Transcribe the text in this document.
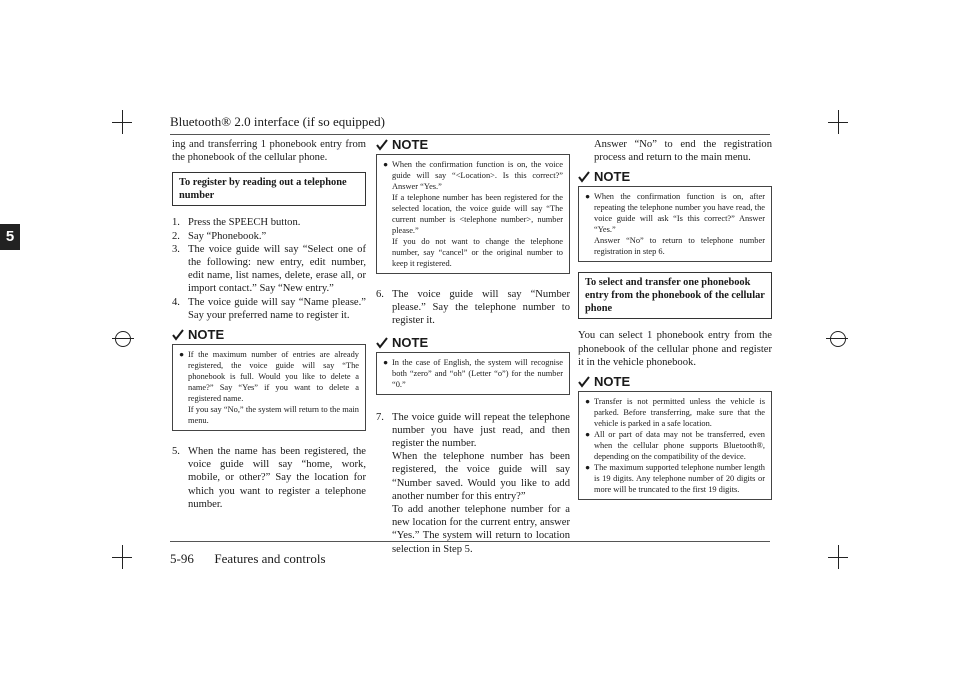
5
Bluetooth® 2.0 interface (if so equipped)

ing and transferring 1 phonebook entry from the phonebook of the cellular phone.

To register by reading out a telephone number
1. Press the SPEECH button.
2. Say “Phonebook.”
3. The voice guide will say “Select one of the following: new entry, edit number, edit name, list names, delete, erase all, or import contact.” Say “New entry.”
4. The voice guide will say “Name please.” Say your preferred name to register it.
NOTE
● If the maximum number of entries are already registered, the voice guide will say “The phonebook is full. Would you like to delete a name?” Say “Yes” if you want to delete a registered name.
If you say “No,” the system will return to the main menu.
5. When the name has been registered, the voice guide will say “home, work, mobile, or other?” Say the location for which you want to register a telephone number.
NOTE
● When the confirmation function is on, the voice guide will say “<Location>. Is this correct?” Answer “Yes.”
If a telephone number has been registered for the selected location, the voice guide will say “The current number is <telephone number>, number please.”
If you do not want to change the telephone number, say “cancel” or the original number to keep it registered.
6. The voice guide will say “Number please.” Say the telephone number to register it.
NOTE
● In the case of English, the system will recognise both “zero” and “oh” (Letter “o”) for the number “0.”
7. The voice guide will repeat the telephone number you have just read, and then register the number.
When the telephone number has been registered, the voice guide will say “Number saved. Would you like to add another number for this entry?”
To add another telephone number for a new location for the current entry, answer “Yes.” The system will return to location selection in Step 5.

Answer “No” to end the registration process and return to the main menu.

NOTE
● When the confirmation function is on, after repeating the telephone number you have read, the voice guide will ask “Is this correct?” Answer “Yes.”
Answer “No” to return to telephone number registration in step 6.
To select and transfer one phonebook entry from the phonebook of the cellular phone

You can select 1 phonebook entry from the phonebook of the cellular phone and register it in the vehicle phonebook.

NOTE
● Transfer is not permitted unless the vehicle is parked. Before transferring, make sure that the vehicle is parked in a safe location.
● All or part of data may not be transferred, even when the cellular phone supports Bluetooth®, depending on the compatibility of the device.
● The maximum supported telephone number length is 19 digits. Any telephone number of 20 digits or more will be truncated to the first 19 digits.
5-96 Features and controls
